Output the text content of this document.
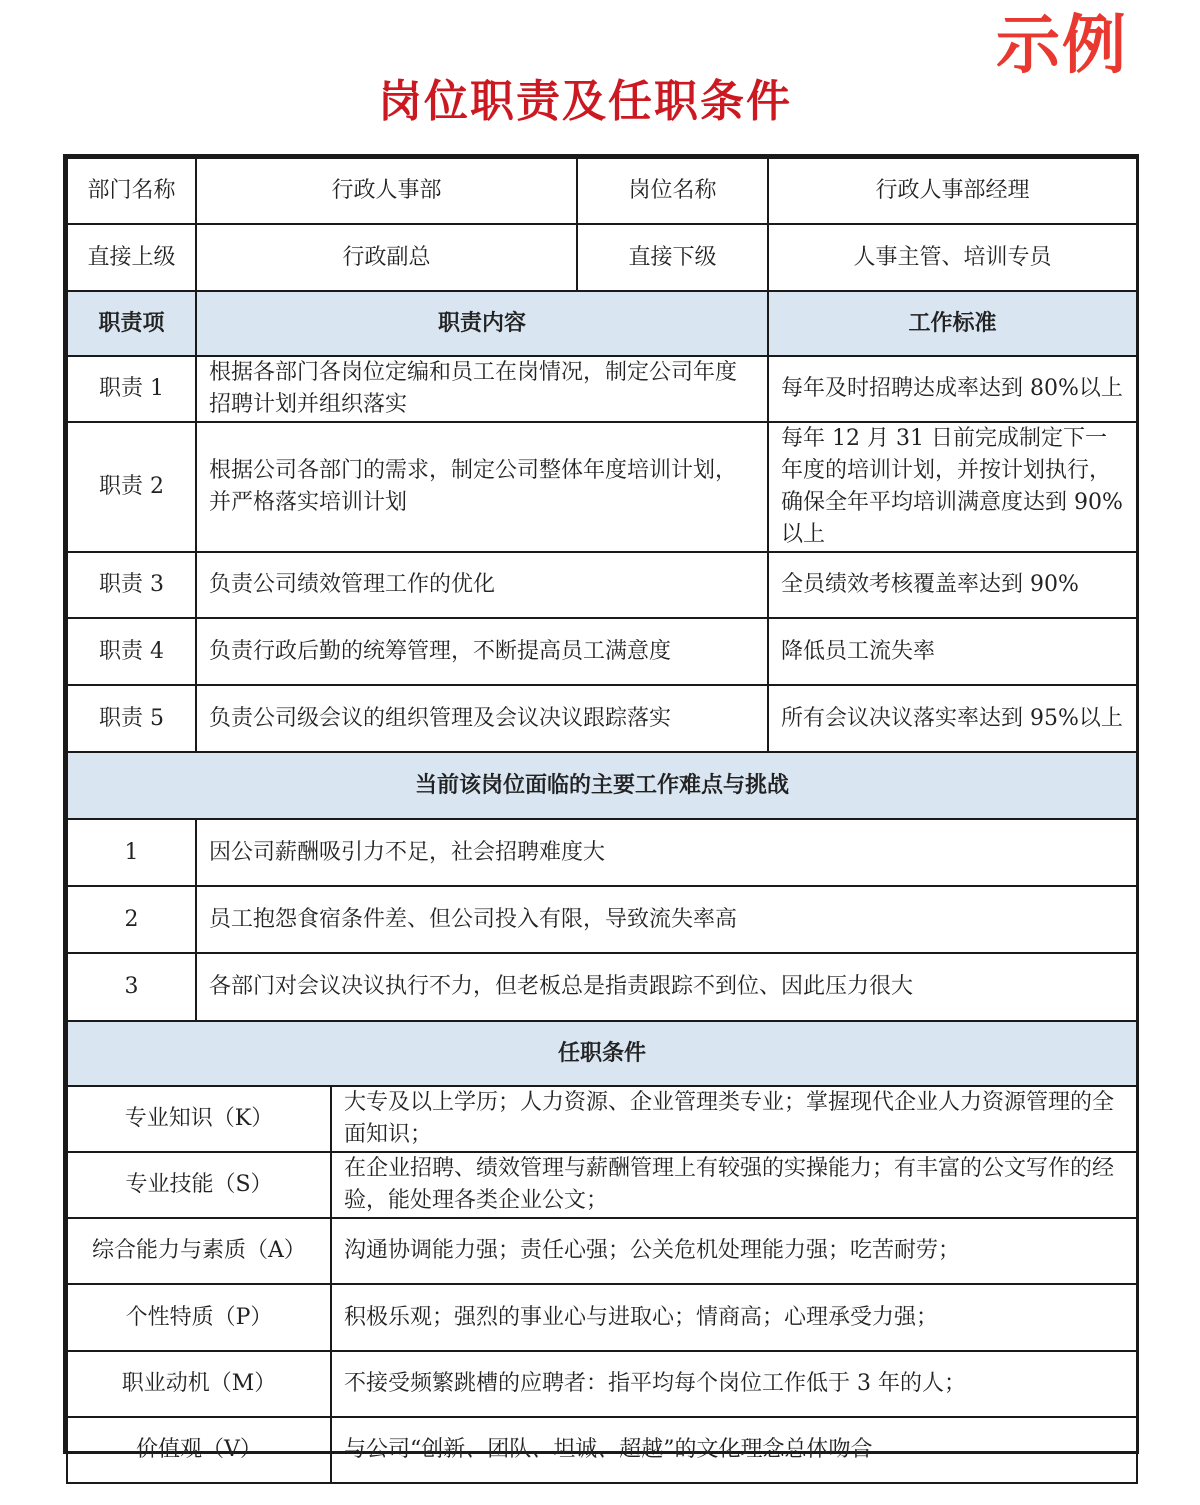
示例
岗位职责及任职条件
部门名称	行政人事部		岗位名称	行政人事部经理
直接上级	行政副总		直接下级	人事主管、培训专员
职责项	职责内容			工作标准
职责 1	根据各部门各岗位定编和员工在岗情况，制定公司年度招聘计划并组织落实			每年及时招聘达成率达到 80%以上
职责 2	根据公司各部门的需求，制定公司整体年度培训计划，并严格落实培训计划			每年 12 月 31 日前完成制定下一年度的培训计划，并按计划执行，确保全年平均培训满意度达到 90%以上
职责 3	负责公司绩效管理工作的优化			全员绩效考核覆盖率达到 90%
职责 4	负责行政后勤的统筹管理，不断提高员工满意度			降低员工流失率
职责 5	负责公司级会议的组织管理及会议决议跟踪落实			所有会议决议落实率达到 95%以上
当前该岗位面临的主要工作难点与挑战				
1	因公司薪酬吸引力不足，社会招聘难度大			
2	员工抱怨食宿条件差、但公司投入有限，导致流失率高			
3	各部门对会议决议执行不力，但老板总是指责跟踪不到位、因此压力很大			
任职条件				
专业知识（K）		大专及以上学历；人力资源、企业管理类专业；掌握现代企业人力资源管理的全面知识；		
专业技能（S）		在企业招聘、绩效管理与薪酬管理上有较强的实操能力；有丰富的公文写作的经验，能处理各类企业公文；		
综合能力与素质（A）		沟通协调能力强；责任心强；公关危机处理能力强；吃苦耐劳；		
个性特质（P）		积极乐观；强烈的事业心与进取心；情商高；心理承受力强；		
职业动机（M）		不接受频繁跳槽的应聘者：指平均每个岗位工作低于 3 年的人；		
价值观（V）		与公司“创新、团队、坦诚、超越”的文化理念总体吻合		
